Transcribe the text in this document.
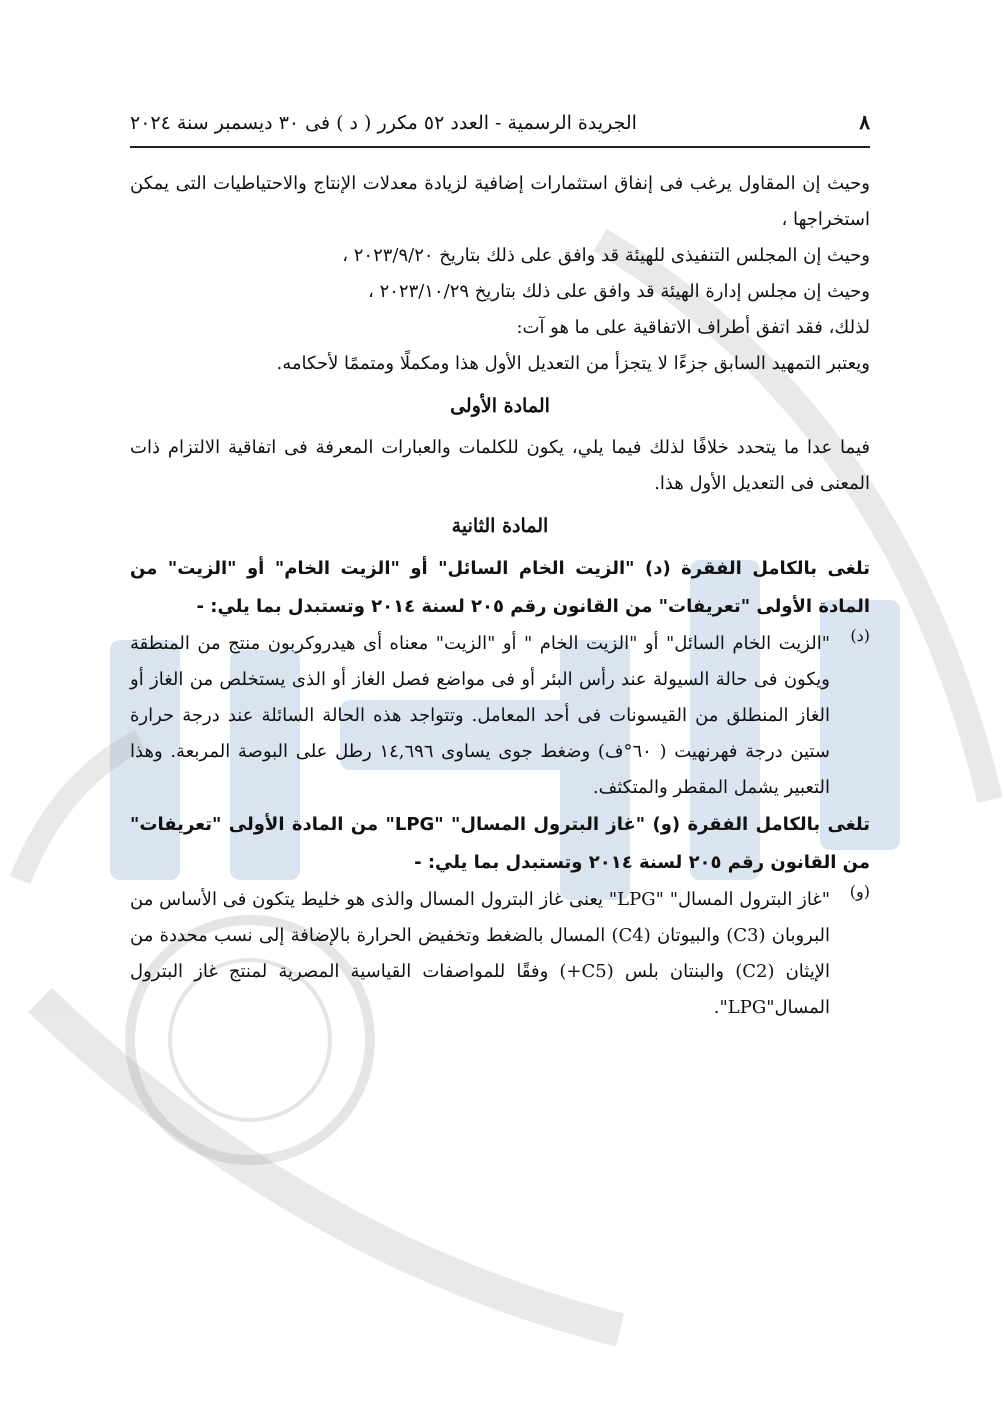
٨
الجريدة الرسمية - العدد ٥٢ مكرر ( د ) فى ٣٠ ديسمبر سنة ٢٠٢٤

وحيث إن المقاول يرغب فى إنفاق استثمارات إضافية لزيادة معدلات الإنتاج والاحتياطيات التى يمكن استخراجها ،

وحيث إن المجلس التنفيذى للهيئة قد وافق على ذلك بتاريخ ٢٠٢٣/٩/٢٠ ،

وحيث إن مجلس إدارة الهيئة قد وافق على ذلك بتاريخ ٢٠٢٣/١٠/٢٩ ،

لذلك، فقد اتفق أطراف الاتفاقية على ما هو آت:

ويعتبر التمهيد السابق جزءًا لا يتجزأ من التعديل الأول هذا ومكملًا ومتممًا لأحكامه.

المادة الأولى

فيما عدا ما يتحدد خلافًا لذلك فيما يلي، يكون للكلمات والعبارات المعرفة فى اتفاقية الالتزام ذات المعنى فى التعديل الأول هذا.

المادة الثانية
تلغى بالكامل الفقرة (د) "الزيت الخام السائل" أو "الزيت الخام" أو "الزيت" من المادة الأولى "تعريفات" من القانون رقم ٢٠٥ لسنة ٢٠١٤ وتستبدل بما يلي: -
(د)

"الزيت الخام السائل" أو "الزيت الخام " أو "الزيت" معناه أى هيدروكربون منتج من المنطقة ويكون فى حالة السيولة عند رأس البئر أو فى مواضع فصل الغاز أو الذى يستخلص من الغاز أو الغاز المنطلق من القيسونات فى أحد المعامل. وتتواجد هذه الحالة السائلة عند درجة حرارة ستين درجة فهرنهيت ( ٦٠°ف) وضغط جوى يساوى ١٤,٦٩٦ رطل على البوصة المربعة. وهذا التعبير يشمل المقطر والمتكثف.

تلغى بالكامل الفقرة (و) "غاز البترول المسال" "LPG" من المادة الأولى "تعريفات" من القانون رقم ٢٠٥ لسنة ٢٠١٤ وتستبدل بما يلي: -
(و)

"غاز البترول المسال" "LPG" يعنى غاز البترول المسال والذى هو خليط يتكون فى الأساس من البروبان (C3) والبيوتان (C4) المسال بالضغط وتخفيض الحرارة بالإضافة إلى نسب محددة من الإيثان (C2) والبنتان بلس (C5+) وفقًا للمواصفات القياسية المصرية لمنتج غاز البترول المسال"LPG".
